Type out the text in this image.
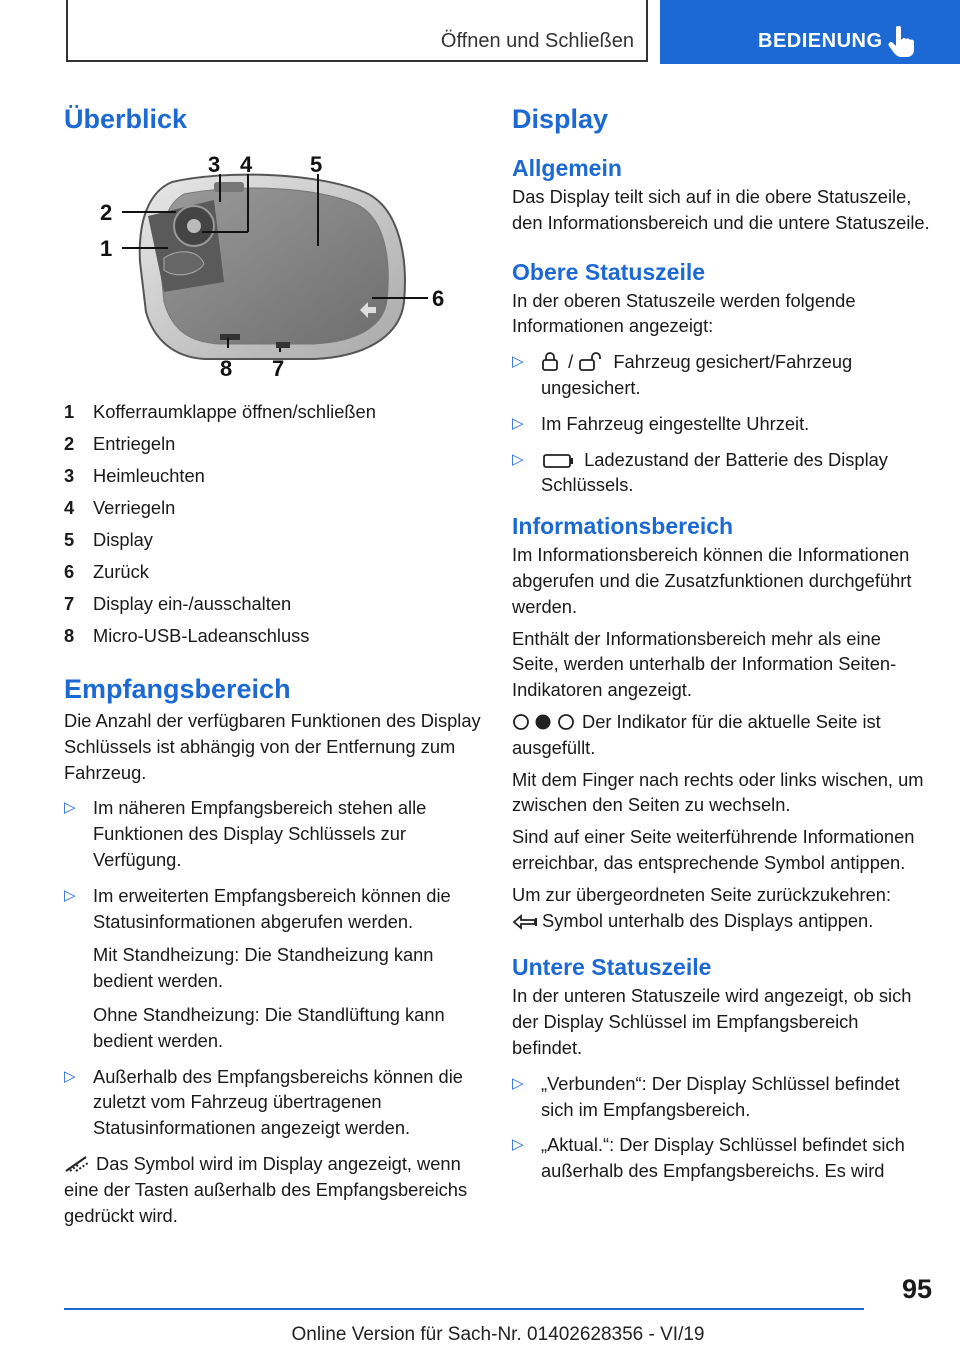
Öffnen und Schließen	BEDIENUNG
Überblick
3 4	5
2
1
6
8 7
1	Kofferraumklappe öffnen/schließen
2	Entriegeln
3	Heimleuchten
4	Verriegeln
5	Display
6	Zurück
7	Display ein-/ausschalten
8	Micro-USB-Ladeanschluss
Empfangsbereich

Die Anzahl der verfügbaren Funktionen des Display Schlüssels ist abhängig von der Entfernung zum Fahrzeug.

▷ Im näheren Empfangsbereich stehen alle Funktionen des Display Schlüssels zur Verfügung.
▷ Im erweiterten Empfangsbereich können die Statusinformationen abgerufen werden.
Mit Standheizung: Die Standheizung kann bedient werden.
Ohne Standheizung: Die Standlüftung kann bedient werden.
▷ Außerhalb des Empfangsbereichs können die zuletzt vom Fahrzeug übertragenen Statusinformationen angezeigt werden.

Das Symbol wird im Display angezeigt, wenn eine der Tasten außerhalb des Empfangsbereichs gedrückt wird.

Display
Allgemein

Das Display teilt sich auf in die obere Statuszeile, den Informationsbereich und die untere Statuszeile.

Obere Statuszeile

In der oberen Statuszeile werden folgende Informationen angezeigt:

▷ / Fahrzeug gesichert/Fahrzeug ungesichert.
▷ Im Fahrzeug eingestellte Uhrzeit.
▷	Ladezustand der Batterie des Display Schlüssels.
Informationsbereich

Im Informationsbereich können die Informationen abgerufen und die Zusatzfunktionen durchgeführt werden.

Enthält der Informationsbereich mehr als eine Seite, werden unterhalb der Information Seiten-Indikatoren angezeigt.

Der Indikator für die aktuelle Seite ist ausgefüllt.

Mit dem Finger nach rechts oder links wischen, um zwischen den Seiten zu wechseln.

Sind auf einer Seite weiterführende Informationen erreichbar, das entsprechende Symbol antippen.

Um zur übergeordneten Seite zurückzukehren:
Symbol unterhalb des Displays antippen.

Untere Statuszeile

In der unteren Statuszeile wird angezeigt, ob sich der Display Schlüssel im Empfangsbereich befindet.

▷ „Verbunden“: Der Display Schlüssel befindet sich im Empfangsbereich.
▷ „Aktual.“: Der Display Schlüssel befindet sich außerhalb des Empfangsbereichs. Es wird
95
Online Version für Sach-Nr. 01402628356 - VI/19
